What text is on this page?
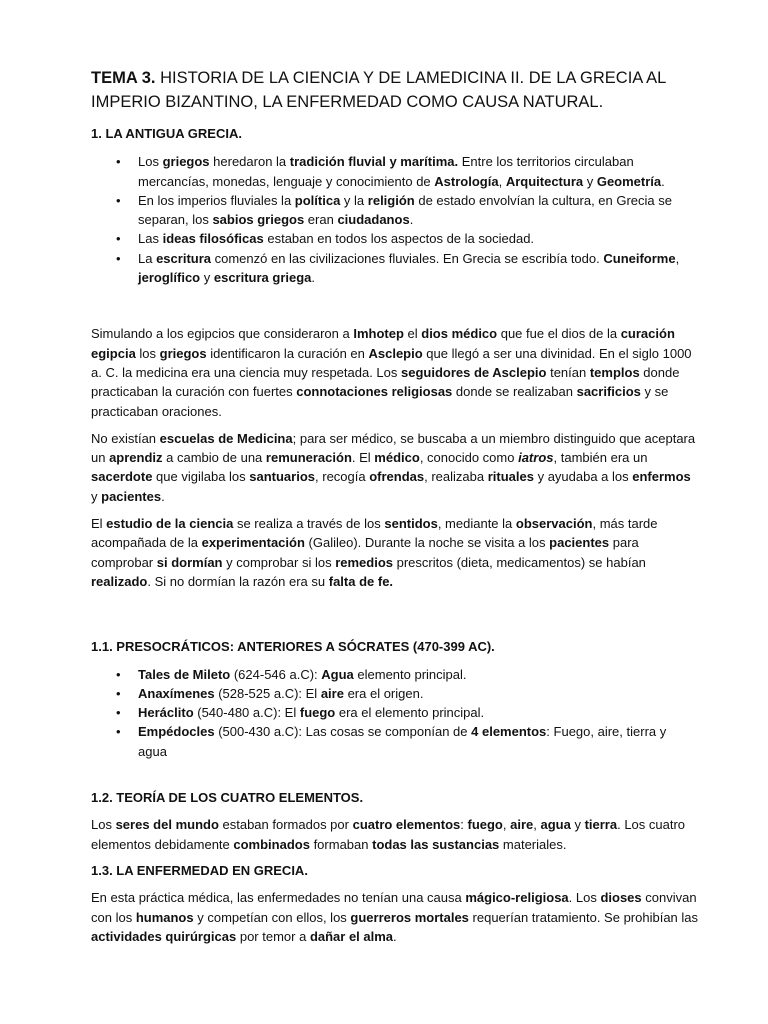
TEMA 3. HISTORIA DE LA CIENCIA Y DE LAMEDICINA II. DE LA GRECIA AL IMPERIO BIZANTINO, LA ENFERMEDAD COMO CAUSA NATURAL.
1. LA ANTIGUA GRECIA.
• Los griegos heredaron la tradición fluvial y marítima. Entre los territorios circulaban mercancías, monedas, lenguaje y conocimiento de Astrología, Arquitectura y Geometría.
• En los imperios fluviales la política y la religión de estado envolvían la cultura, en Grecia se separan, los sabios griegos eran ciudadanos.
• Las ideas filosóficas estaban en todos los aspectos de la sociedad.
• La escritura comenzó en las civilizaciones fluviales. En Grecia se escribía todo. Cuneiforme, jeroglífico y escritura griega.

Simulando a los egipcios que consideraron a Imhotep el dios médico que fue el dios de la curación egipcia los griegos identificaron la curación en Asclepio que llegó a ser una divinidad. En el siglo 1000 a. C. la medicina era una ciencia muy respetada. Los seguidores de Asclepio tenían templos donde practicaban la curación con fuertes connotaciones religiosas donde se realizaban sacrificios y se practicaban oraciones.

No existían escuelas de Medicina; para ser médico, se buscaba a un miembro distinguido que aceptara un aprendiz a cambio de una remuneración. El médico, conocido como iatros, también era un sacerdote que vigilaba los santuarios, recogía ofrendas, realizaba rituales y ayudaba a los enfermos y pacientes.

El estudio de la ciencia se realiza a través de los sentidos, mediante la observación, más tarde acompañada de la experimentación (Galileo). Durante la noche se visita a los pacientes para comprobar si dormían y comprobar si los remedios prescritos (dieta, medicamentos) se habían realizado. Si no dormían la razón era su falta de fe.

1.1. PRESOCRÁTICOS: ANTERIORES A SÓCRATES (470-399 AC).
• Tales de Mileto (624-546 a.C): Agua elemento principal.
• Anaxímenes (528-525 a.C): El aire era el origen.
• Heráclito (540-480 a.C): El fuego era el elemento principal.
• Empédocles (500-430 a.C): Las cosas se componían de 4 elementos: Fuego, aire, tierra y agua
1.2. TEORÍA DE LOS CUATRO ELEMENTOS.

Los seres del mundo estaban formados por cuatro elementos: fuego, aire, agua y tierra. Los cuatro elementos debidamente combinados formaban todas las sustancias materiales.

1.3. LA ENFERMEDAD EN GRECIA.

En esta práctica médica, las enfermedades no tenían una causa mágico-religiosa. Los dioses convivan con los humanos y competían con ellos, los guerreros mortales requerían tratamiento. Se prohibían las actividades quirúrgicas por temor a dañar el alma.
